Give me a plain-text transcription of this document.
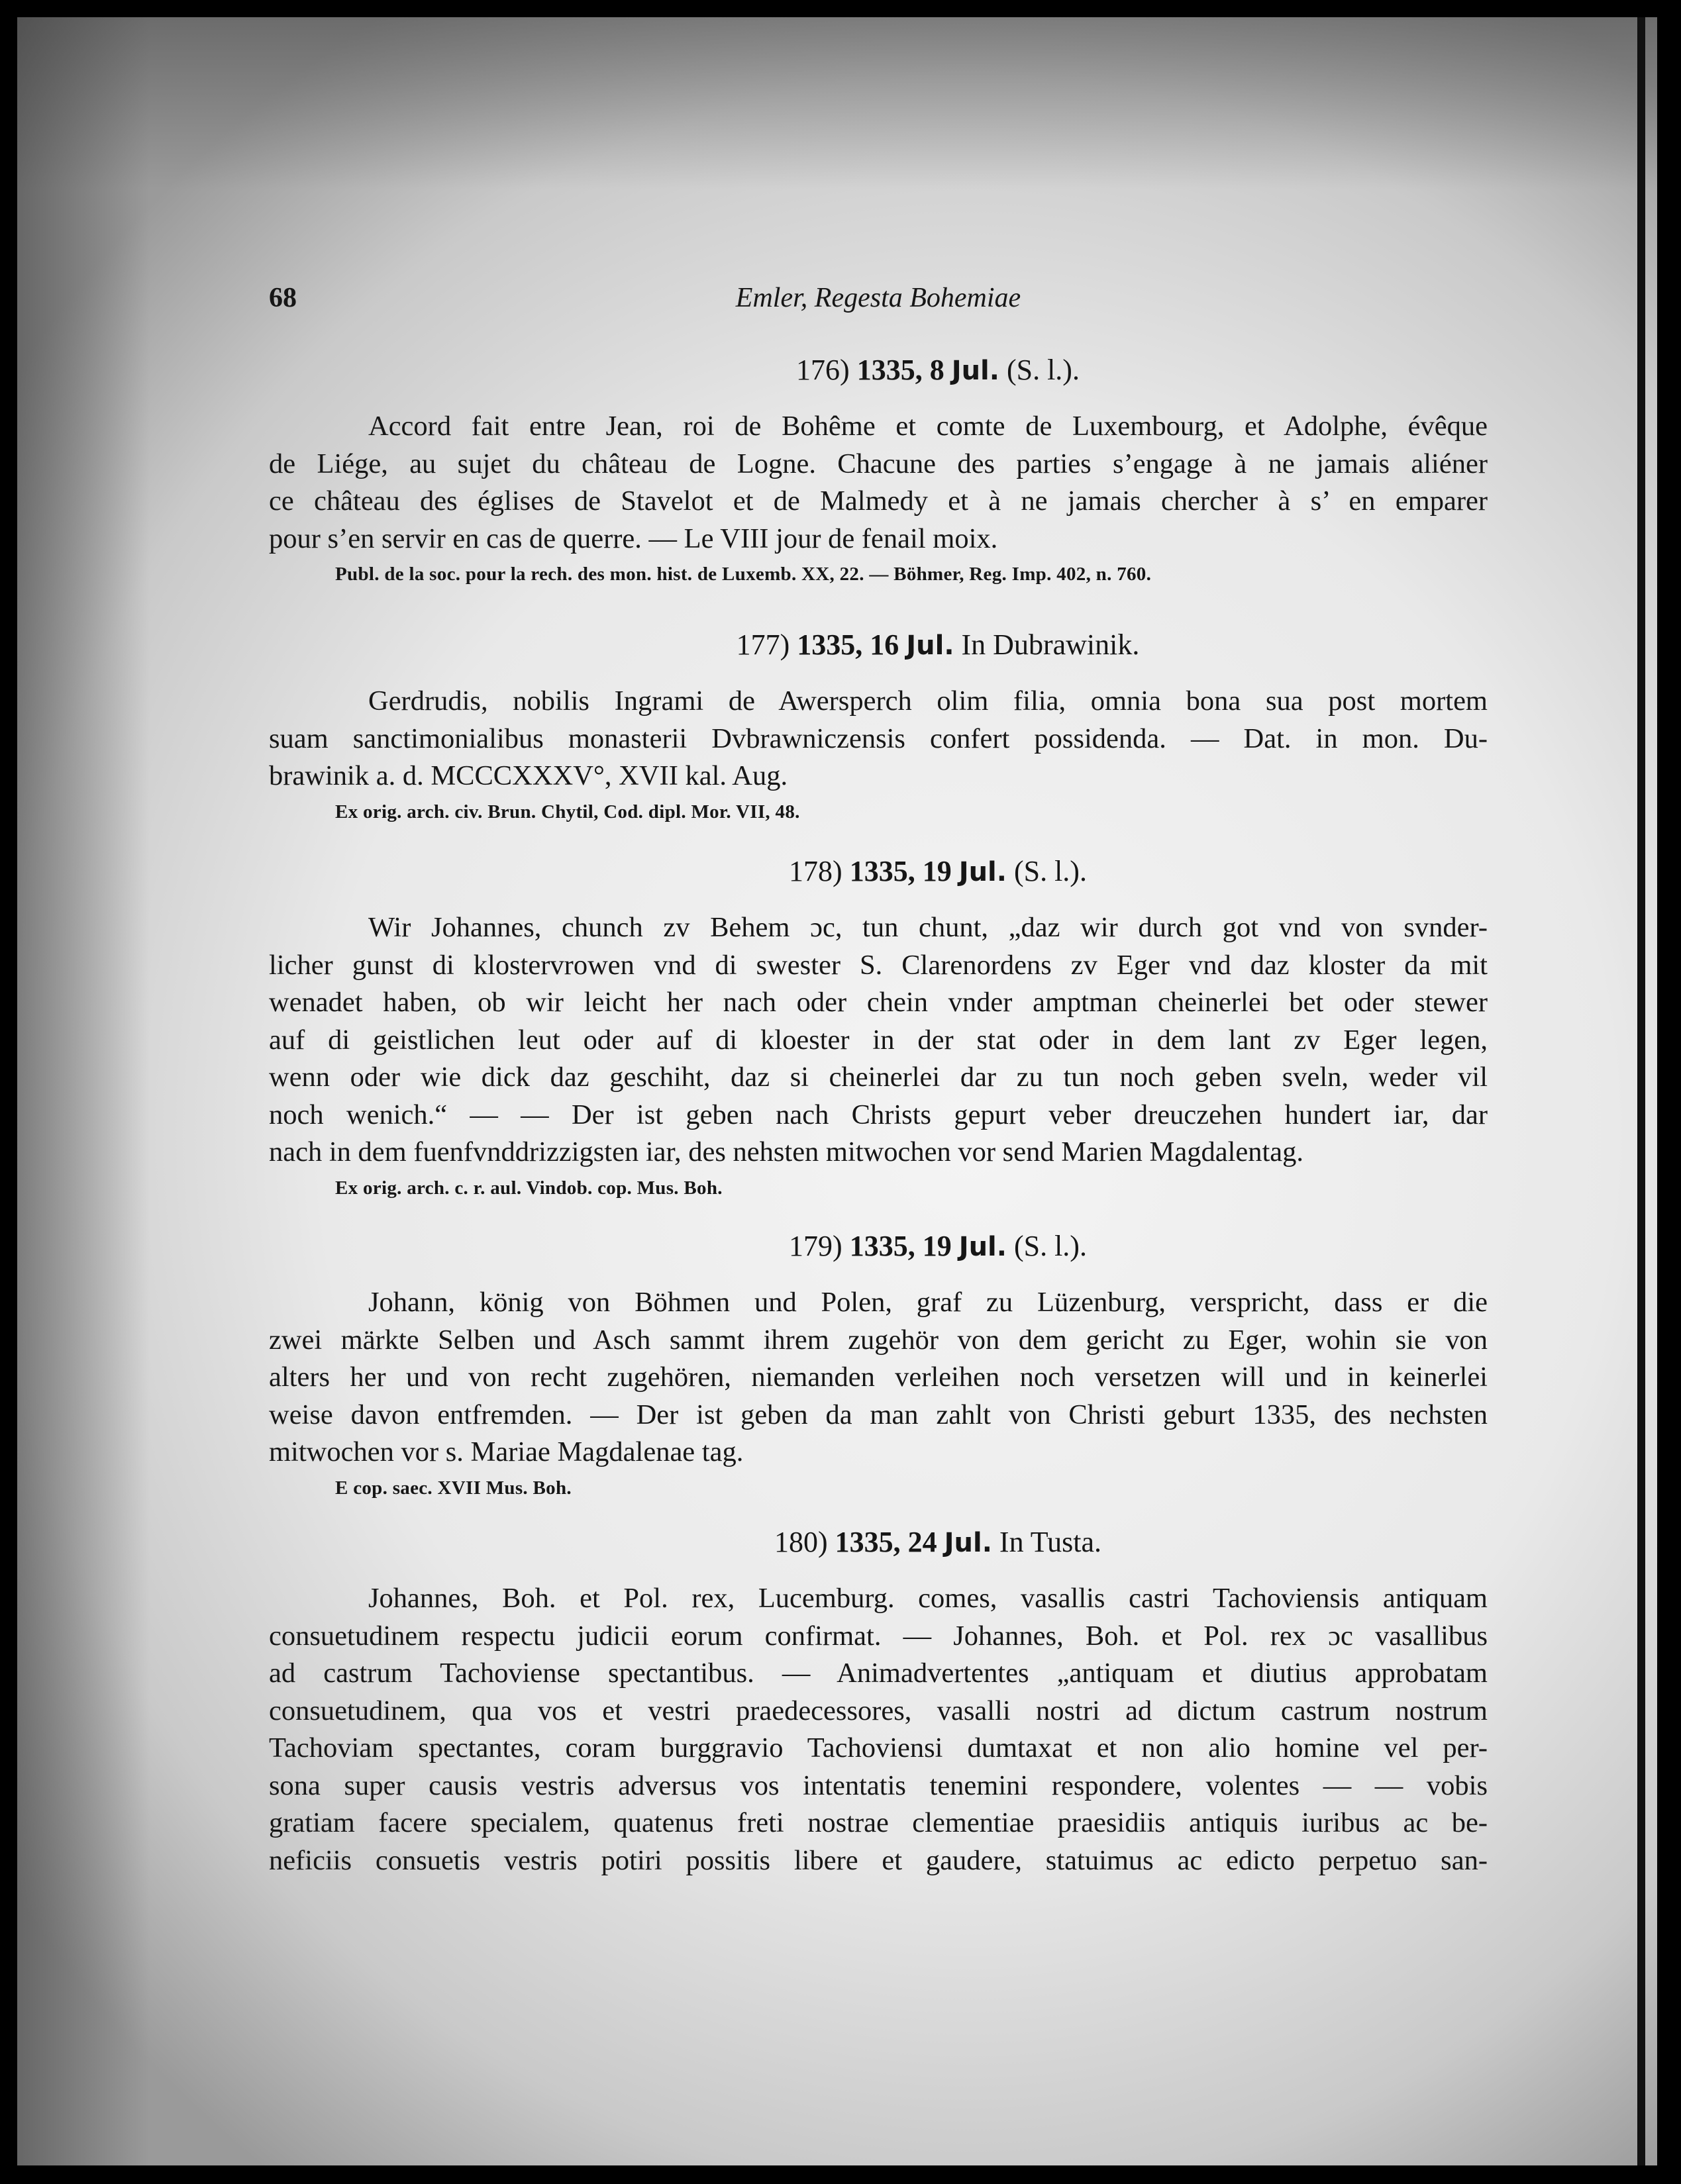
68	Emler, Regesta Bohemiae
176) 1335, 8 Jul. (S. l.).
Accord fait entre Jean, roi de Bohême et comte de Luxembourg, et Adolphe, évêque
de Liége, au sujet du château de Logne. Chacune des parties s’engage à ne jamais aliéner
ce château des églises de Stavelot et de Malmedy et à ne jamais chercher à s’ en emparer
pour s’en servir en cas de querre. — Le VIII jour de fenail moix.
Publ. de la soc. pour la rech. des mon. hist. de Luxemb. XX, 22. — Böhmer, Reg. Imp. 402, n. 760.
177) 1335, 16 Jul. In Dubrawinik.
Gerdrudis, nobilis Ingrami de Awersperch olim filia, omnia bona sua post mortem
suam sanctimonialibus monasterii Dvbrawniczensis confert possidenda. — Dat. in mon. Du-
brawinik a. d. MCCCXXXV°, XVII kal. Aug.
Ex orig. arch. civ. Brun. Chytil, Cod. dipl. Mor. VII, 48.
178) 1335, 19 Jul. (S. l.).
Wir Johannes, chunch zv Behem ɔc, tun chunt, „daz wir durch got vnd von svnder-
licher gunst di klostervrowen vnd di swester S. Clarenordens zv Eger vnd daz kloster da mit
wenadet haben, ob wir leicht her nach oder chein vnder amptman cheinerlei bet oder stewer
auf di geistlichen leut oder auf di kloester in der stat oder in dem lant zv Eger legen,
wenn oder wie dick daz geschiht, daz si cheinerlei dar zu tun noch geben sveln, weder vil
noch wenich.“ — — Der ist geben nach Christs gepurt veber dreuczehen hundert iar, dar
nach in dem fuenfvnddrizzigsten iar, des nehsten mitwochen vor send Marien Magdalentag.
Ex orig. arch. c. r. aul. Vindob. cop. Mus. Boh.
179) 1335, 19 Jul. (S. l.).
Johann, könig von Böhmen und Polen, graf zu Lüzenburg, verspricht, dass er die
zwei märkte Selben und Asch sammt ihrem zugehör von dem gericht zu Eger, wohin sie von
alters her und von recht zugehören, niemanden verleihen noch versetzen will und in keinerlei
weise davon entfremden. — Der ist geben da man zahlt von Christi geburt 1335, des nechsten
mitwochen vor s. Mariae Magdalenae tag.
E cop. saec. XVII Mus. Boh.
180) 1335, 24 Jul. In Tusta.
Johannes, Boh. et Pol. rex, Lucemburg. comes, vasallis castri Tachoviensis antiquam
consuetudinem respectu judicii eorum confirmat. — Johannes, Boh. et Pol. rex ɔc vasallibus
ad castrum Tachoviense spectantibus. — Animadvertentes „antiquam et diutius approbatam
consuetudinem, qua vos et vestri praedecessores, vasalli nostri ad dictum castrum nostrum
Tachoviam spectantes, coram burggravio Tachoviensi dumtaxat et non alio homine vel per-
sona super causis vestris adversus vos intentatis tenemini respondere, volentes — — vobis
gratiam facere specialem, quatenus freti nostrae clementiae praesidiis antiquis iuribus ac be-
neficiis consuetis vestris potiri possitis libere et gaudere, statuimus ac edicto perpetuo san-
